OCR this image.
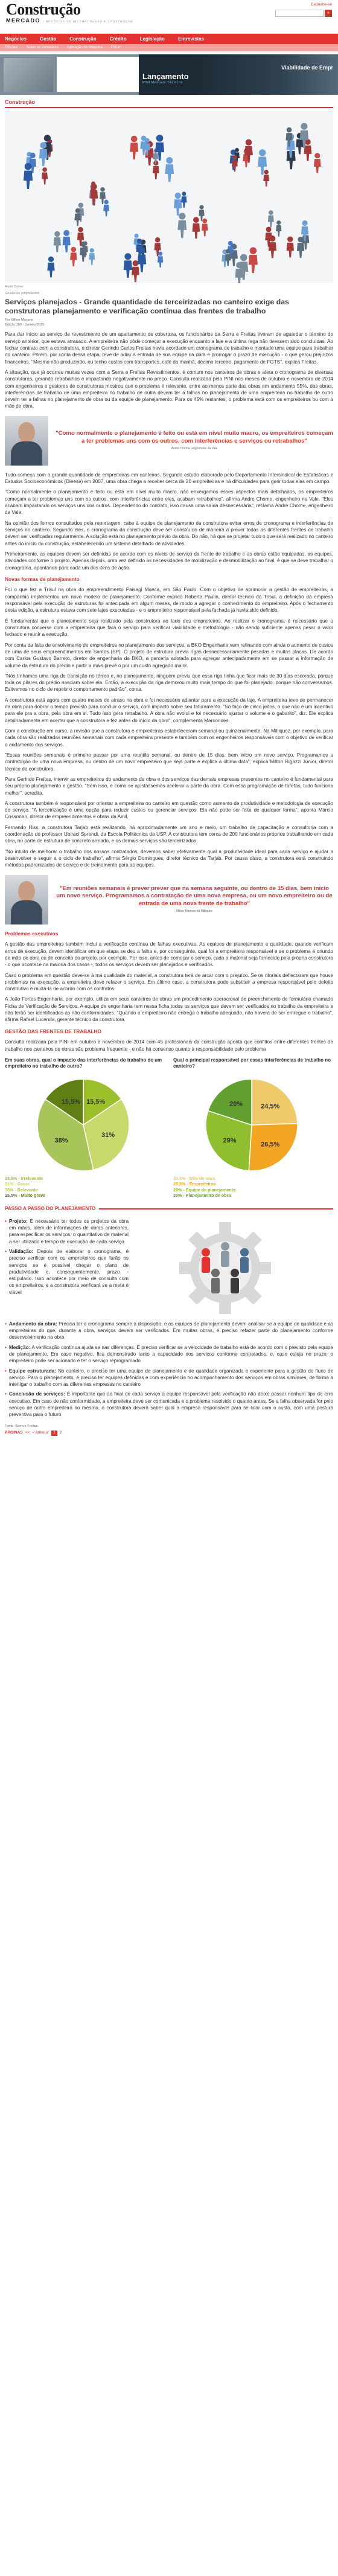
Construção
MERCADO NEGÓCIOS DE INCORPORAÇÃO E CONSTRUÇÃO
Cadastre-se
»
Negócios	Gestão	Construção	Crédito	Legislação	Entrevistas
Edições Todos os conteúdos Aplicação da Máquina Fórum
Lançamento
PINI Manuais Técnicos
Viabilidade de Empr
Construção
André Cleiner
Gestão de empreiteiros
Serviços planejados - Grande quantidade de terceirizadas no canteiro exige das construtoras planejamento e verificação contínua das frentes de trabalho
Por Milton Mariano
Edição 163 - Janeiro/2015

Para dar início ao serviço de revestimento de um apartamento de cobertura, os funcionários da Serra e Freitas tiveram de aguardar o término do serviço anterior, que estava atrasado. A empreiteira não pôde começar a execução enquanto a laje e a última rega não tivessem sido concluídas. Ao fechar contrato com a construtora, o diretor Gerindo Carlos Freitas havia acordado um cronograma de trabalho e montado uma equipe para trabalhar no canteiro. Porém, por conta dessa etapa, teve de adiar a entrada de sua equipe na obra e prorrogar o prazo de execução - o que gerou prejuízos financeiros. "Mesmo não produzindo, eu tenho custos com transportes, café da manhã, décimo terceiro, pagamento de FGTS", explica Freitas.

A situação, que já ocorreu muitas vezes com a Serra e Freitas Revestimentos, é comum nos canteiros de obras e afeta o cronograma de diversas construtoras, gerando retrabalhos e impactando negativamente no preço. Consulta realizada pela PINI nos meses de outubro e novembro de 2014 com engenheiros e gestores de construtoras mostrou que o problema é relevante, entre ao menos parte das obras em andamento 55%, das obras, interferências de trabalho de uma empreiteira no trabalho de outra devem ter a falhas no planejamento de uma empreiteira no trabalho de outro devem ter a falhas no planejamento de obra ou da equipe de planejamento. Para os 45% restantes, o problema está com os empreiteiros ou com a mão de obra.

"Como normalmente o planejamento é feito ou está em nível muito macro, os empreiteiros começam a ter problemas uns com os outros, com interferências e serviços ou retrabalhos"
André Chome, engenheiro da Vale

Tudo começa com a grande quantidade de empreiteiras em canteiros. Segundo estudo elaborado pelo Departamento Intersindical de Estatísticas e Estudos Socioeconômicos (Dieese) em 2007, uma obra chega a receber cerca de 20 empreiteiras e há dificuldades para gerir todas elas em campo.

"Como normalmente o planejamento é feito ou está em nível muito macro, não enxergamos esses aspectos mais detalhados, os empreiteiros começam a ter problemas uns com os outros, com interferências entre eles, acabam retrabalhos", afirma Andre Chome, engenheiro na Vale. "Eles acabam impactando os serviços uns dos outros. Dependendo do contrato, isso causa uma saída desnecessária", reclama Andre Chome, engenheiro da Vale.

Na opinião dos fornos consultados pela reportagem, cabe à equipe de planejamento da construtora evitar erros de cronograma e interferências de serviços no canteiro. Segundo eles, o cronograma da construção deve ser construído de maneira a prever todas as diferentes frentes de trabalho devem ser verificadas regularmente. A solução está no planejamento prévio da obra. Do não, há que se projetar tudo o que será realizado no canteiro antes do início da construção, estabelecendo um sistema detalhado de atividades.

Primeiramente, as equipes devem ser definidas de acordo com os níveis de serviço da frente de trabalho e as obras estão equipadas, as equipes, atividades conforme o projeto. Apenas depois, uma vez definido as necessidades de mobilização e desmobilização ao final, é que se deve trabalhar o cronograma, apontando para cada um dos itens de ação.

Novas formas de planejamento

Foi o que fez a Trisul na obra do empreendimento Paisagi Moeca, em São Paulo. Com o objetivo de aprimorar a gestão de empreiteiras, a companhia implementou um novo modelo de planejamento. Conforme explica Roberta Paulin, diretor técnico da Trisul, a definição da empresa responsável pela execução de estruturas foi antecipada em algum meses, de modo a agregar o conhecimento do empreiteiro. Após o fechamento desta edição, a estrutura estava com sete lajes executadas - e o empreiteiro responsável pela fachada já havia sido definido.

É fundamental que o planejamento seja realizado pela construtora ao lado dos empreiteiros. Ao realizar o cronograma, é necessário que a construtora converse com a empreiteira que fará o serviço para verificar viabilidade e metodologia - não sendo suficiente apenas pesar o valor fechado e reunir a execução.

Por conta da falta de envolvimento de empreiteiros no planejamento dos serviços, a BKO Engenharia vem refinando com ainda o aumento de custos de uma de seus empreendimentos em Santos (SP). O projeto de estrutura previa rígas desnecessariamente pesadas e muitas placas. De acordo com Carlos Gustavo Barreto, diretor de engenharia da BKO, a parceria adotada para agregar antecipadamente em se passar a informação de volume da estrutura do prédio e partir a mais prevê o por um custo agregado maior.

"Nós tínhamos uma riga de transição no térreo e, no planejamento, ninguém previu que essa riga tinha que ficar mais de 30 dias escorada, porque toda os pilares do prédio nasciam sobre ela. Então, a execução da riga demorou muito mais tempo do que foi planejado, porque não conversamos. Estivemos no ciclo de repetir o comportamento padrão", conta.

A construtora está agora com quatro meses de atraso na obra e foi necessário adiantar para a execução da laje. A empreiteira teve de permanecer na obra para dobrar o tempo previsto para concluir o serviço, com impacto sobre seu faturamento. "Só faço de cinco jeitos, o que não é um incentivo para ele pra a obra, pela obra em si. Tudo isso gera retrabalho. A obra não evolui e foi necessário ajustar o volume e o gabarito", diz. Ele explica detalhadamente em acertar que a construtora e fez antes do início da obra", complementa Marcondes.

Com a construção em curso, a revisão que a construtora e empreiteiras estabeleceram semanal ou quinzenalmente. Na Milliquez, por exemplo, para cada obra são realizadas reuniões semanais com cada empreiteira presente e também com os engenheiros responsáveis com o objetivo de verificar o andamento dos serviços.

"Essas reuniões semanais é primeiro passar por uma reunião semanal, ou dentro de 15 dias, bem início um novo serviço. Programamos a contratação de uma nova empresa, ou dentro de um novo empreiteiro que seja parte e explica a última data", explica Milton Rigazzi Júnior, diretor técnico da construtora.

Para Gerindo Freitas, intervir as empreiteiros do andamento da obra e dos serviços das demais empresas presentes no canteiro é fundamental para seu próprio planejamento e gestão. "Sem isso, é como se ajustássemos acelerar a parte da obra. Com essa programação de tarefas, tudo funciona melhor", acredita.

A construtora também é responsável por orientar a empreiteira no canteiro em questão como aumento de produtividade e metodologia de execução do serviço. "A terceirização é uma opção para reduzir custos ou gerenciar serviços. Ela não pode ser feita de qualquer forma", aponta Márcio Cossonan, diretor de empreendimentos e obras da Amil.

Fernando Hiss, a construtora Tarjab está realizando, há aproximadamente um ano e meio, um trabalho de capacitação e consultoria com a coordenação do professor Ubiraci Sprendi, da Escola Politécnica da USP. A construtora tem cerca de 200 funcionários próprios trabalhando em cada obra, no parte de estrutura de concreto armado, e os demais serviços são terceirizados.

"No intuito de melhorar o trabalho dos nossos contratados, devemos saber efetivamente qual a produtividade ideal para cada serviço e ajudar a desenvolver e seguir a o ciclo de trabalho", afirma Sérgio Domingues, diretor técnico da Tarjab. Por causa disso, a construtora está construindo métodos padronizados de serviço e de treinamento para as equipes.

"Em reuniões semanais é prever prever que na semana seguinte, ou dentro de 15 dias, bem início um novo serviço. Programamos a contratação de uma nova empresa, ou um novo empreiteiro ou de entrada de uma nova frente de trabalho"
Milton Marinez da Milliquez
Problemas executivos

A gestão das empreiteiras também inclui a verificação contínua de falhas executivas. As equipes de planejamento e qualidade, quando verificam erros de execução, devem identificar em que etapa se deu a falha e, por conseguinte, qual foi a empreiteira responsável e se o problema é oriundo de mão de obra ou de conceito do projeto, por exemplo. Por isso, antes de começar o serviço, cada a material seja fornecido pela própria construtora - o que acontece na maioria dos casos -, todos os serviços devem ser planejados e verificados.

Caso o problema em questão deve-se à má qualidade do material, a construtora terá de arcar com o prejuízo. Se os ritoriais deflectaram que houve problemas na execução, a empreiteira deve refazer o serviço. Em último caso, a construtora pode substituir a empresa responsável pelo defeito construtivo e multá-la de acordo com os contratos.

A João Fortes Engenharia, por exemplo, utiliza em seus canteiros de obras um procedimento operacional de preenchimento de formulário chamado Ficha de Verificação de Serviços. A equipe de engenharia tem nessa ficha todos os serviços que devem ser verificados no trabalho da empreiteira e não terão ser identificados as não conformidades. "Quando o empreiteiro não entrega o trabalho adequado, não haverá de ser entregue o trabalho", afirma Rafael Lucenda, gerente técnico da construtora.

GESTÃO DAS FRENTES DE TRABALHO

Consulta realizada pela PINI em outubro e novembro de 2014 com 45 profissionais da construção aponta que conflitos entre diferentes frentes de trabalho nos canteiros de obras são problema frequente - e não há consenso quanto à responsabilidade pelo problema

Em suas obras, qual o impacto das interferências do trabalho de um empreiteiro no trabalho de outro?
15,5%
31%
38%
15,5%
15,5% - Irrelevante
31% - Grave
38% - Relevante
15,5% - Muito grave
Qual o principal responsável por essas interferências de trabalho no canteiro?
24,5%
26,5%
29%
20%
24,5% - Mão de obra
26,5% - Empreiteiros
29% - Equipe de planejamento
20% - Planejamento de obra
PASSO A PASSO DO PLANEJAMENTO
• Projeto: É necessário ter todos os projetos da obra em mãos, além de informações de obras anteriores, para especificar os serviços, o quantitativo de material a ser utilizado e tempo de execução de cada serviço
• Validação: Depois de elaborar o cronograma, é preciso verificar com os empreiteiros que farão os serviços se é possível chegar o plano de produtividade e, consequentemente, prazo - estipulado. Isso acontece por meio de consulta com os empreiteiros, e a construtora verificará se a meta é viável
• Andamento da obra: Precisa ter o cronograma sempre à disposição, e as equipes de planejamento devem analisar se a equipe de qualidade e as empreiteiras do que, durante a obra, serviços devem ser verificados. Em muitas obras, é preciso refazer parte do planejamento conforme desenvolvimento na obra
• Medição: A verificação contínua ajuda se nas diferenças. É preciso verificar se a velocidade de trabalho está de acordo com o previsto pela equipe de planejamento. Em caso negativo, fica demonstrado tanto a capacidade dos serviços conforme contratados, e, caso esteja no prazo, o empreiteiro pode ser acionado e ter o serviço reprogramado
• Equipe estruturada: No canteiro, o preciso ter uma equipe de planejamento e de qualidade organizada e experiente para a gestão do fluxo de serviço. Para o planejamento, é preciso ter equipes definidas e com experiência no acompanhamento dos serviços em obras similares, de forma a interligar o trabalho com as diferentes empresas no canteiro
• Conclusão de serviços: É importante que ao final de cada serviço a equipe responsável pela verificação não deixe passar nenhum tipo de erro executivo. Em caso de não conformidade, a empreiteira deve ser comunicada e o problema resolvido o quanto antes. Se a falha observada for pelo serviço de outra empreiteira no mesmo, a construtora deverá saber qual a empresa responsável para se lidar com o custo, com uma postura preventiva para o futuro
Fonte: Serra e Freitas
PÁGINAS << < Anterior	1	2
